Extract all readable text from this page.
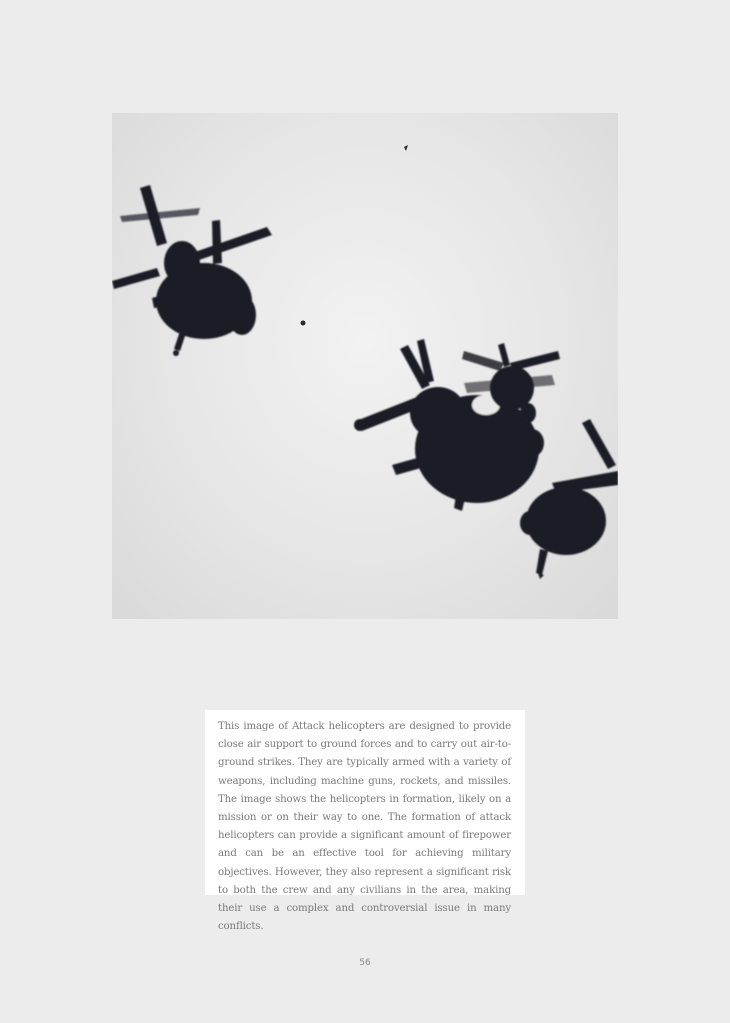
This image of Attack helicopters are designed to provide close air support to ground forces and to carry out air-to-ground strikes. They are typically armed with a variety of weapons, including machine guns, rockets, and missiles. The image shows the helicopters in formation, likely on a mission or on their way to one. The formation of attack helicopters can provide a significant amount of firepower and can be an effective tool for achieving military objectives. However, they also represent a significant risk to both the crew and any civilians in the area, making their use a complex and controversial issue in many conflicts.

56
